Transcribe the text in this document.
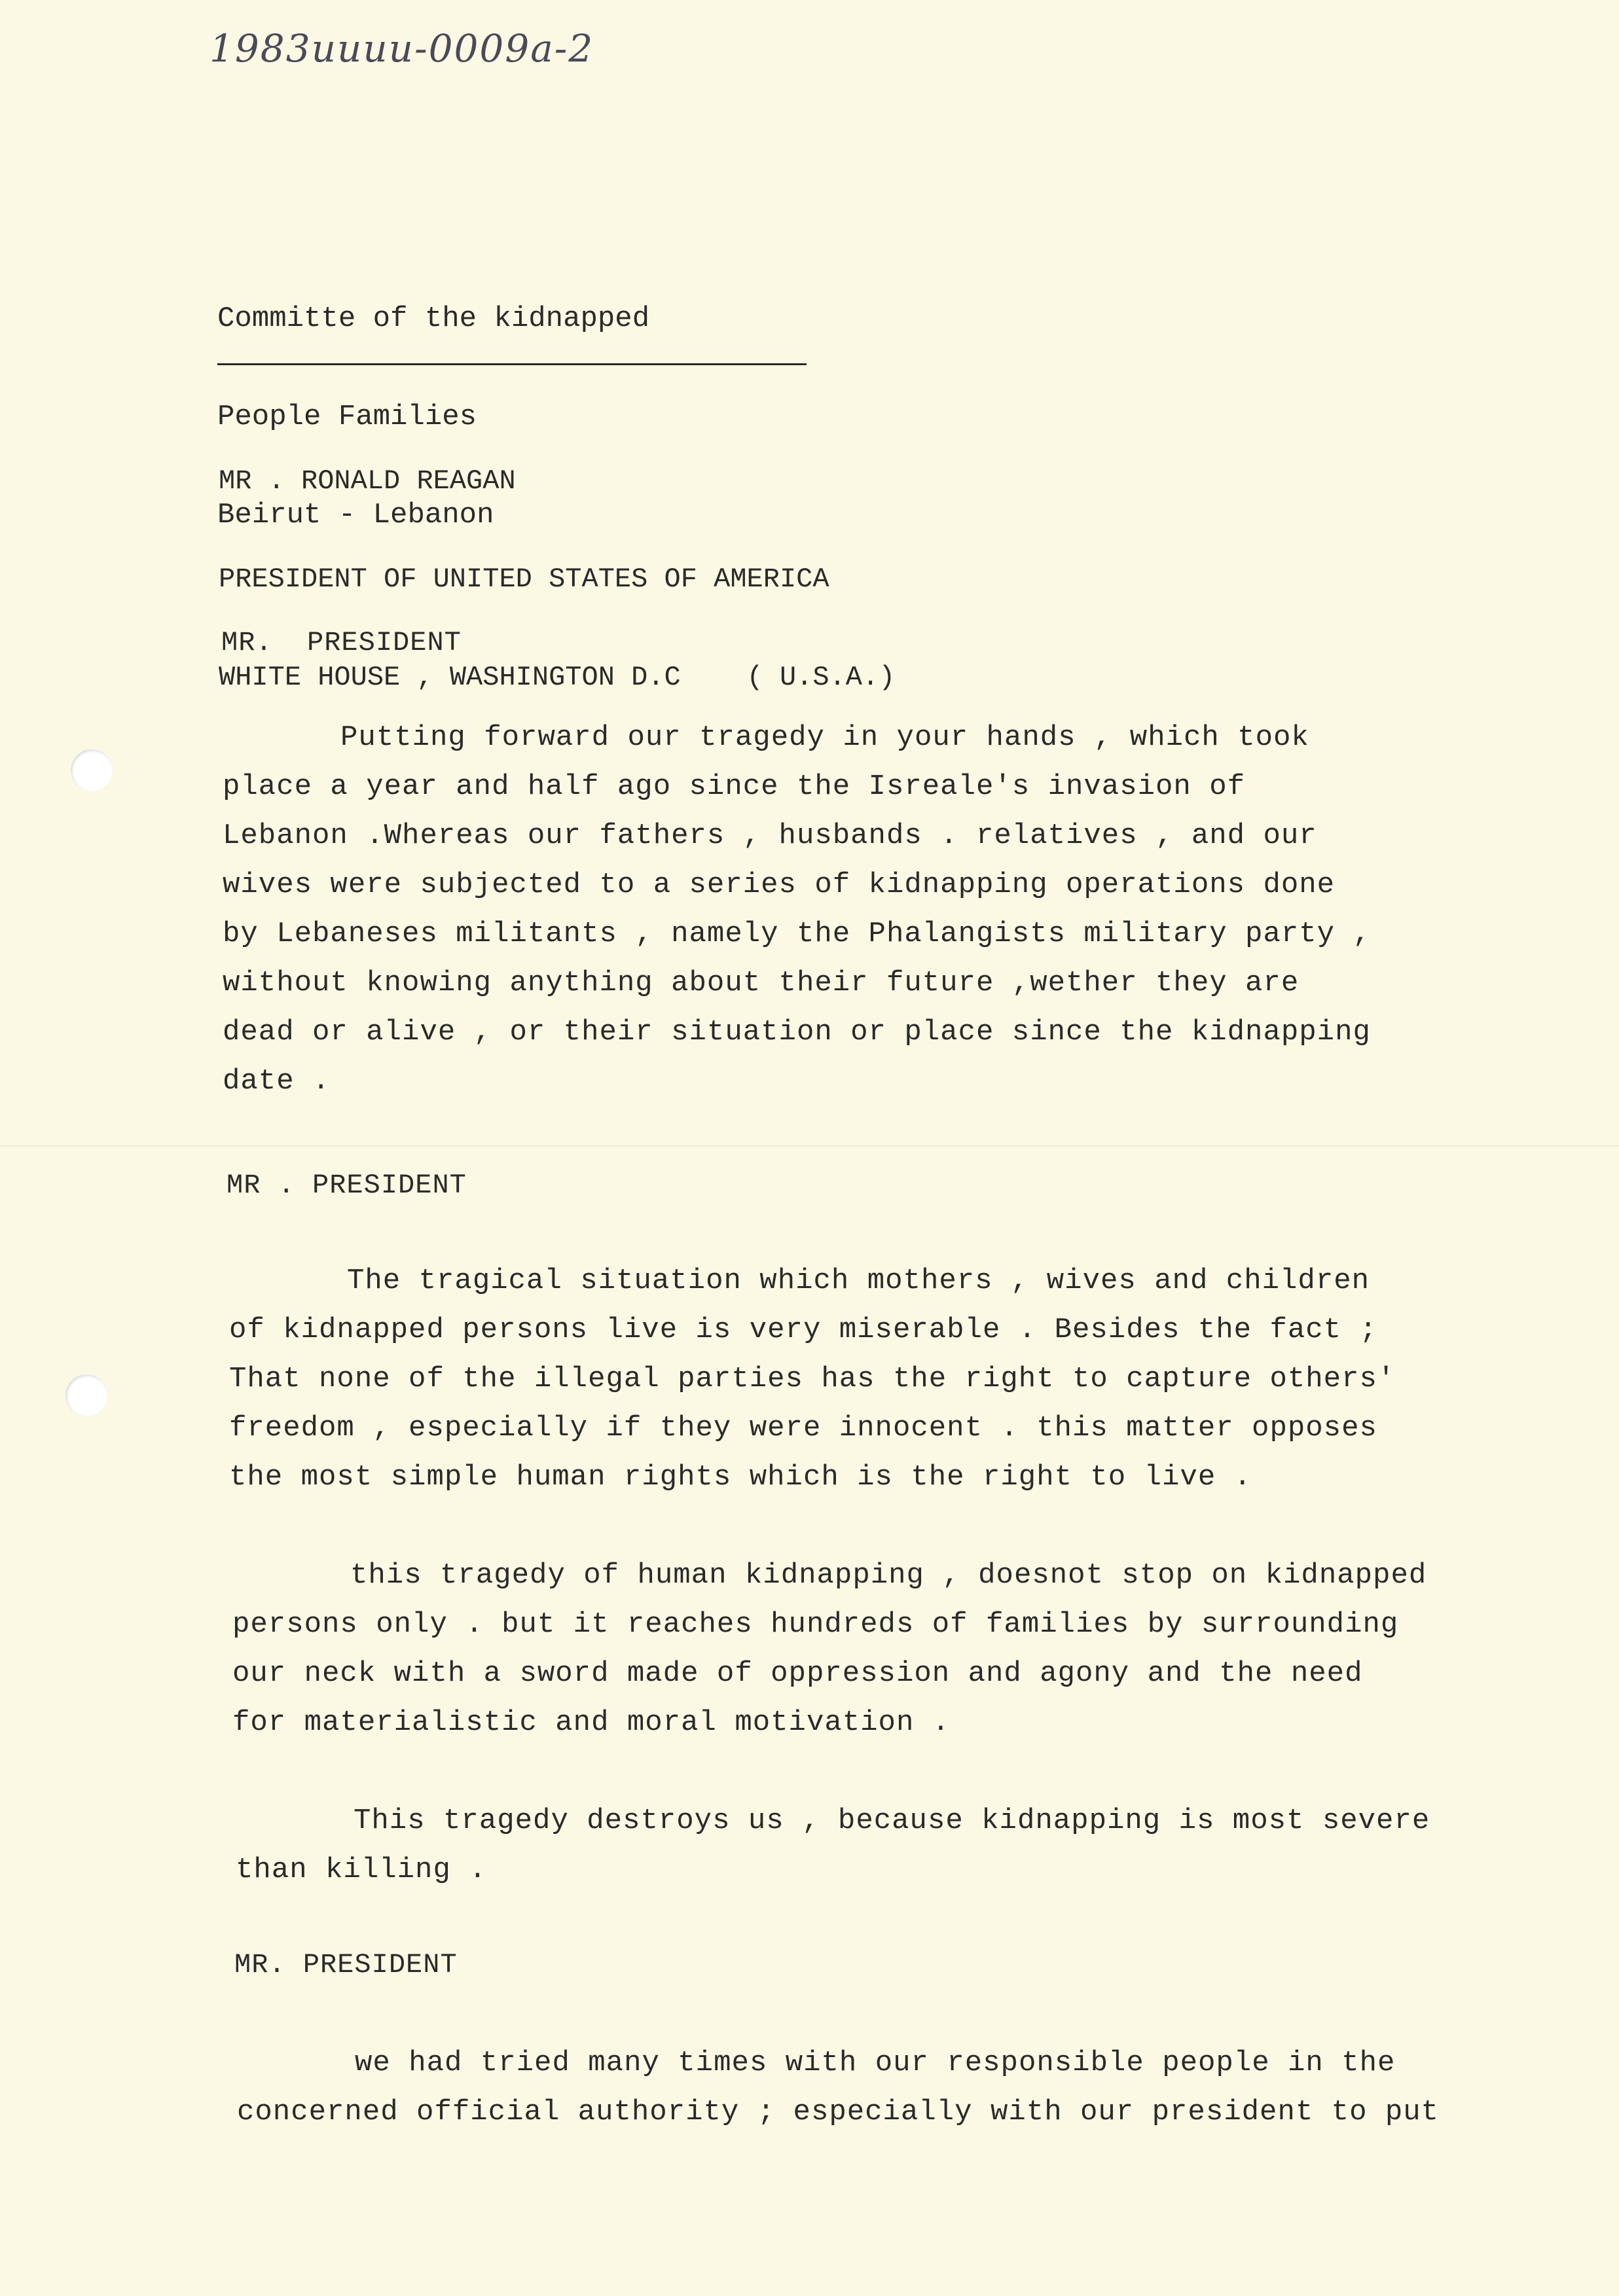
1983uuuu-0009a-2

Committe of the kidnapped

People Families

Beirut - Lebanon

MR . RONALD REAGAN

PRESIDENT OF UNITED STATES OF AMERICA

WHITE HOUSE , WASHINGTON D.C    ( U.S.A.)

MR.  PRESIDENT
Putting forward our tragedy in your hands , which took
place a year and half ago since the Isreale's invasion of
Lebanon .Whereas our fathers , husbands . relatives , and our
wives were subjected to a series of kidnapping operations done
by Lebaneses militants , namely the Phalangists military party ,
without knowing anything about their future ,wether they are
dead or alive , or their situation or place since the kidnapping
date .
MR . PRESIDENT
The tragical situation which mothers , wives and children
of kidnapped persons live is very miserable . Besides the fact ;
That none of the illegal parties has the right to capture others'
freedom , especially if they were innocent . this matter opposes
the most simple human rights which is the right to live .
this tragedy of human kidnapping , doesnot stop on kidnapped
persons only . but it reaches hundreds of families by surrounding
our neck with a sword made of oppression and agony and the need
for materialistic and moral motivation .
This tragedy destroys us , because kidnapping is most severe
than killing .
MR. PRESIDENT
we had tried many times with our responsible people in the
concerned official authority ; especially with our president to put
